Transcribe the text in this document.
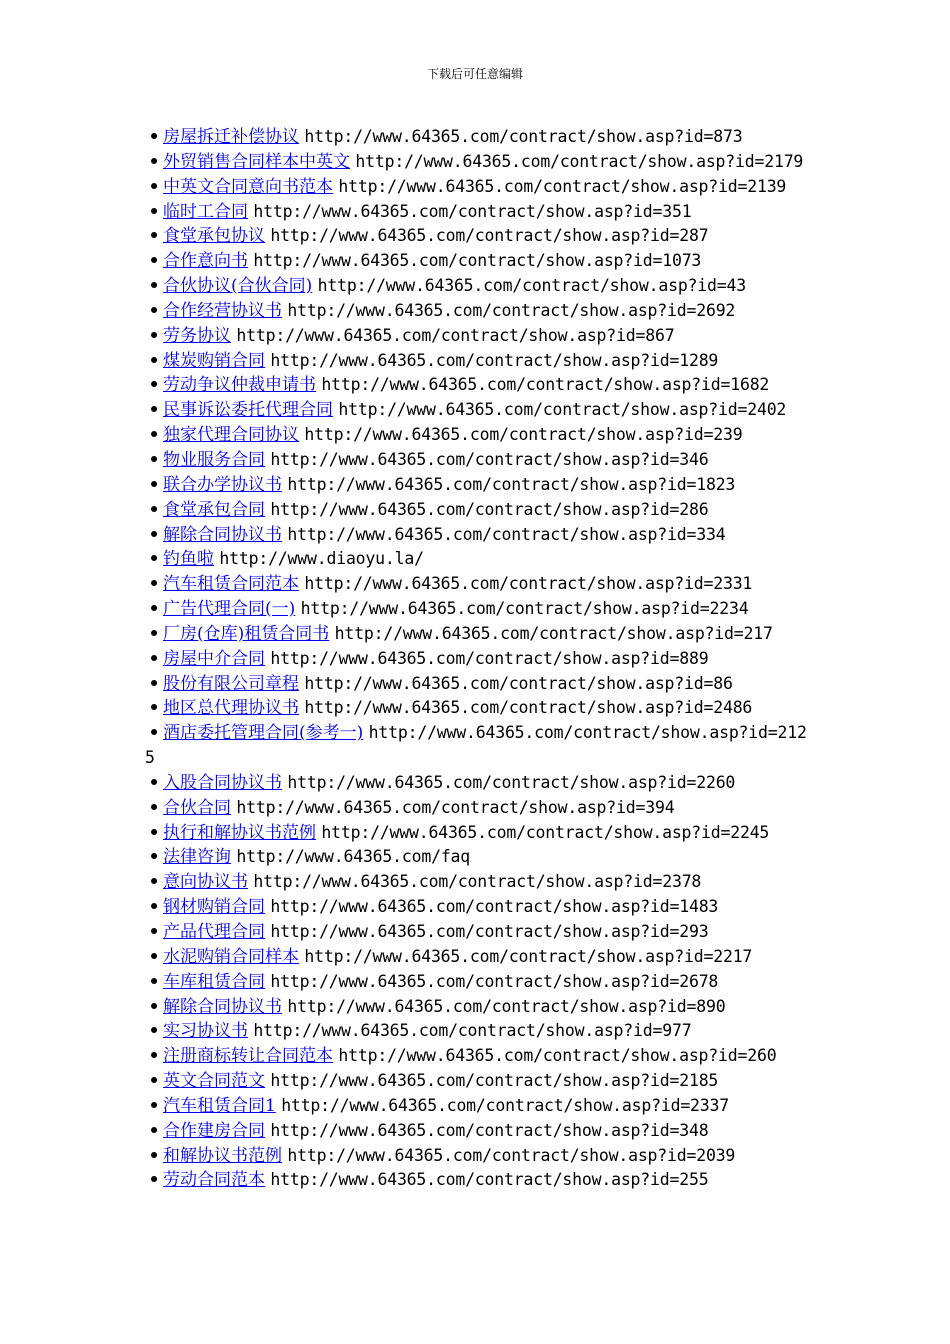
下载后可任意编辑
• 房屋拆迁补偿协议 http://www.64365.com/contract/show.asp?id=873
• 外贸销售合同样本中英文 http://www.64365.com/contract/show.asp?id=2179
• 中英文合同意向书范本 http://www.64365.com/contract/show.asp?id=2139
• 临时工合同 http://www.64365.com/contract/show.asp?id=351
• 食堂承包协议 http://www.64365.com/contract/show.asp?id=287
• 合作意向书 http://www.64365.com/contract/show.asp?id=1073
• 合伙协议(合伙合同) http://www.64365.com/contract/show.asp?id=43
• 合作经营协议书 http://www.64365.com/contract/show.asp?id=2692
• 劳务协议 http://www.64365.com/contract/show.asp?id=867
• 煤炭购销合同 http://www.64365.com/contract/show.asp?id=1289
• 劳动争议仲裁申请书 http://www.64365.com/contract/show.asp?id=1682
• 民事诉讼委托代理合同 http://www.64365.com/contract/show.asp?id=2402
• 独家代理合同协议 http://www.64365.com/contract/show.asp?id=239
• 物业服务合同 http://www.64365.com/contract/show.asp?id=346
• 联合办学协议书 http://www.64365.com/contract/show.asp?id=1823
• 食堂承包合同 http://www.64365.com/contract/show.asp?id=286
• 解除合同协议书 http://www.64365.com/contract/show.asp?id=334
• 钓鱼啦 http://www.diaoyu.la/
• 汽车租赁合同范本 http://www.64365.com/contract/show.asp?id=2331
• 广告代理合同(一) http://www.64365.com/contract/show.asp?id=2234
• 厂房(仓库)租赁合同书 http://www.64365.com/contract/show.asp?id=217
• 房屋中介合同 http://www.64365.com/contract/show.asp?id=889
• 股份有限公司章程 http://www.64365.com/contract/show.asp?id=86
• 地区总代理协议书 http://www.64365.com/contract/show.asp?id=2486
• 酒店委托管理合同(参考一) http://www.64365.com/contract/show.asp?id=2125
• 入股合同协议书 http://www.64365.com/contract/show.asp?id=2260
• 合伙合同 http://www.64365.com/contract/show.asp?id=394
• 执行和解协议书范例 http://www.64365.com/contract/show.asp?id=2245
• 法律咨询 http://www.64365.com/faq
• 意向协议书 http://www.64365.com/contract/show.asp?id=2378
• 钢材购销合同 http://www.64365.com/contract/show.asp?id=1483
• 产品代理合同 http://www.64365.com/contract/show.asp?id=293
• 水泥购销合同样本 http://www.64365.com/contract/show.asp?id=2217
• 车库租赁合同 http://www.64365.com/contract/show.asp?id=2678
• 解除合同协议书 http://www.64365.com/contract/show.asp?id=890
• 实习协议书 http://www.64365.com/contract/show.asp?id=977
• 注册商标转让合同范本 http://www.64365.com/contract/show.asp?id=260
• 英文合同范文 http://www.64365.com/contract/show.asp?id=2185
• 汽车租赁合同1 http://www.64365.com/contract/show.asp?id=2337
• 合作建房合同 http://www.64365.com/contract/show.asp?id=348
• 和解协议书范例 http://www.64365.com/contract/show.asp?id=2039
• 劳动合同范本 http://www.64365.com/contract/show.asp?id=255
